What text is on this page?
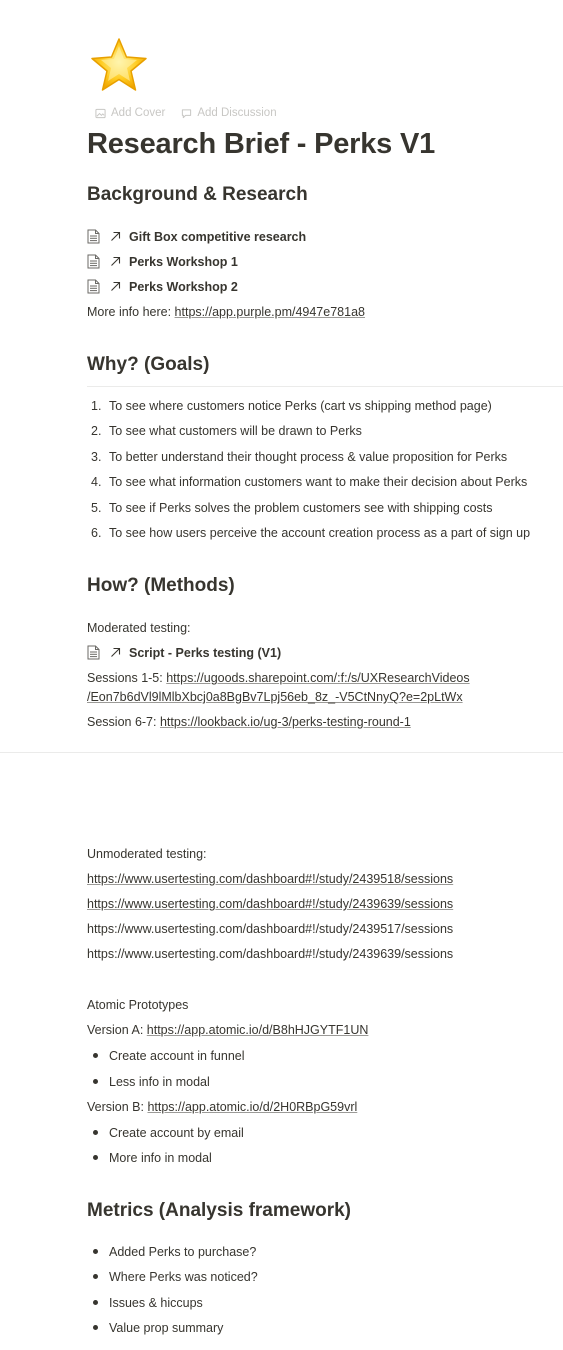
Add Cover	Add Discussion
Research Brief - Perks V1
Background & Research
Gift Box competitive research
Perks Workshop 1
Perks Workshop 2
More info here: https://app.purple.pm/4947e781a8
Why? (Goals)
1. To see where customers notice Perks (cart vs shipping method page)
2. To see what customers will be drawn to Perks
3. To better understand their thought process & value proposition for Perks
4. To see what information customers want to make their decision about Perks
5. To see if Perks solves the problem customers see with shipping costs
6. To see how users perceive the account creation process as a part of sign up
How? (Methods)
Moderated testing:
Script - Perks testing (V1)
Sessions 1-5: https://ugoods.sharepoint.com/:f:/s/UXResearchVideos
/Eon7b6dVl9lMlbXbcj0a8BgBv7Lpj56eb_8z_-V5CtNnyQ?e=2pLtWx
Session 6-7: https://lookback.io/ug-3/perks-testing-round-1
Unmoderated testing:
https://www.usertesting.com/dashboard#!/study/2439518/sessions
https://www.usertesting.com/dashboard#!/study/2439639/sessions
https://www.usertesting.com/dashboard#!/study/2439517/sessions
https://www.usertesting.com/dashboard#!/study/2439639/sessions
Atomic Prototypes
Version A: https://app.atomic.io/d/B8hHJGYTF1UN
Create account in funnel
Less info in modal
Version B: https://app.atomic.io/d/2H0RBpG59vrl
Create account by email
More info in modal
Metrics (Analysis framework)
Added Perks to purchase?
Where Perks was noticed?
Issues & hiccups
Value prop summary
